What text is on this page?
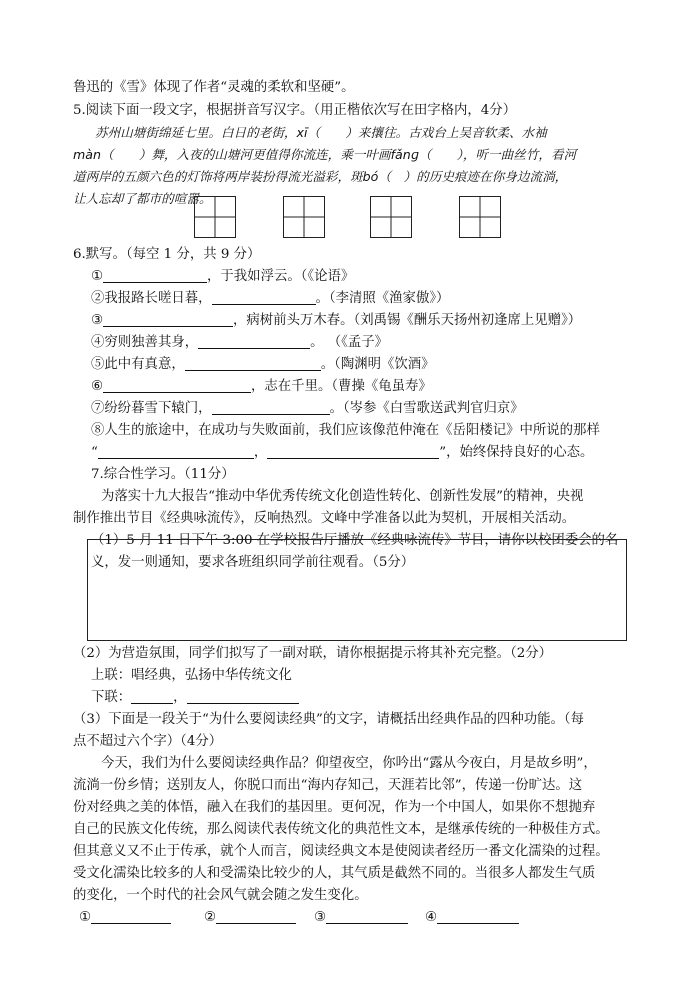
鲁迅的《雪》体现了作者“灵魂的柔软和坚硬”。
5.阅读下面一段文字，根据拼音写汉字。（用正楷依次写在田字格内，4分）
苏州山塘街绵延七里。白日的老街，xī（　　）来攘往。古戏台上吴音软柔、水袖
màn（　　）舞，入夜的山塘河更值得你流连，乘一叶画fǎnɡ（　　），听一曲丝竹，看河
道两岸的五颜六色的灯饰将两岸装扮得流光溢彩，斑bó（　）的历史痕迹在你身边流淌，
让人忘却了都市的喧嚣。
6.默写。（每空 1 分，共 9 分）
①	，于我如浮云。（《论语》
②我报路长嗟日暮，	。（李清照《渔家傲》）
③	，病树前头万木春。（刘禹锡《酬乐天扬州初逢席上见赠》）
④穷则独善其身，	。 （《孟子》
⑤此中有真意，	。（陶渊明《饮酒》
⑥	，志在千里。（曹操《龟虽寿》
⑦纷纷暮雪下辕门，	。（岑参《白雪歌送武判官归京》
⑧人生的旅途中，在成功与失败面前，我们应该像范仲淹在《岳阳楼记》中所说的那样
“	，	”，始终保持良好的心态。
7.综合性学习。（11分）
为落实十九大报告“推动中华优秀传统文化创造性转化、创新性发展”的精神，央视
制作推出节目《经典咏流传》，反响热烈。文峰中学准备以此为契机，开展相关活动。
（1）5 月 11 日下午 3:00 在学校报告厅播放《经典咏流传》节目，请你以校团委会的名
义，发一则通知，要求各班组织同学前往观看。（5分）
（2）为营造氛围，同学们拟写了一副对联，请你根据提示将其补充完整。（2分）
上联：唱经典，弘扬中华传统文化
下联：	，
（3）下面是一段关于“为什么要阅读经典”的文字，请概括出经典作品的四种功能。（每
点不超过六个字）（4分）
今天，我们为什么要阅读经典作品？仰望夜空，你吟出“露从今夜白，月是故乡明”，
流淌一份乡情；送别友人，你脱口而出“海内存知己，天涯若比邻”，传递一份旷达。这
份对经典之美的体悟，融入在我们的基因里。更何况，作为一个中国人，如果你不想抛弃
自己的民族文化传统，那么阅读代表传统文化的典范性文本，是继承传统的一种极佳方式。
但其意义又不止于传承，就个人而言，阅读经典文本是使阅读者经历一番文化濡染的过程。
受文化濡染比较多的人和受濡染比较少的人，其气质是截然不同的。当很多人都发生气质
的变化，一个时代的社会风气就会随之发生变化。
①	②	③	④
